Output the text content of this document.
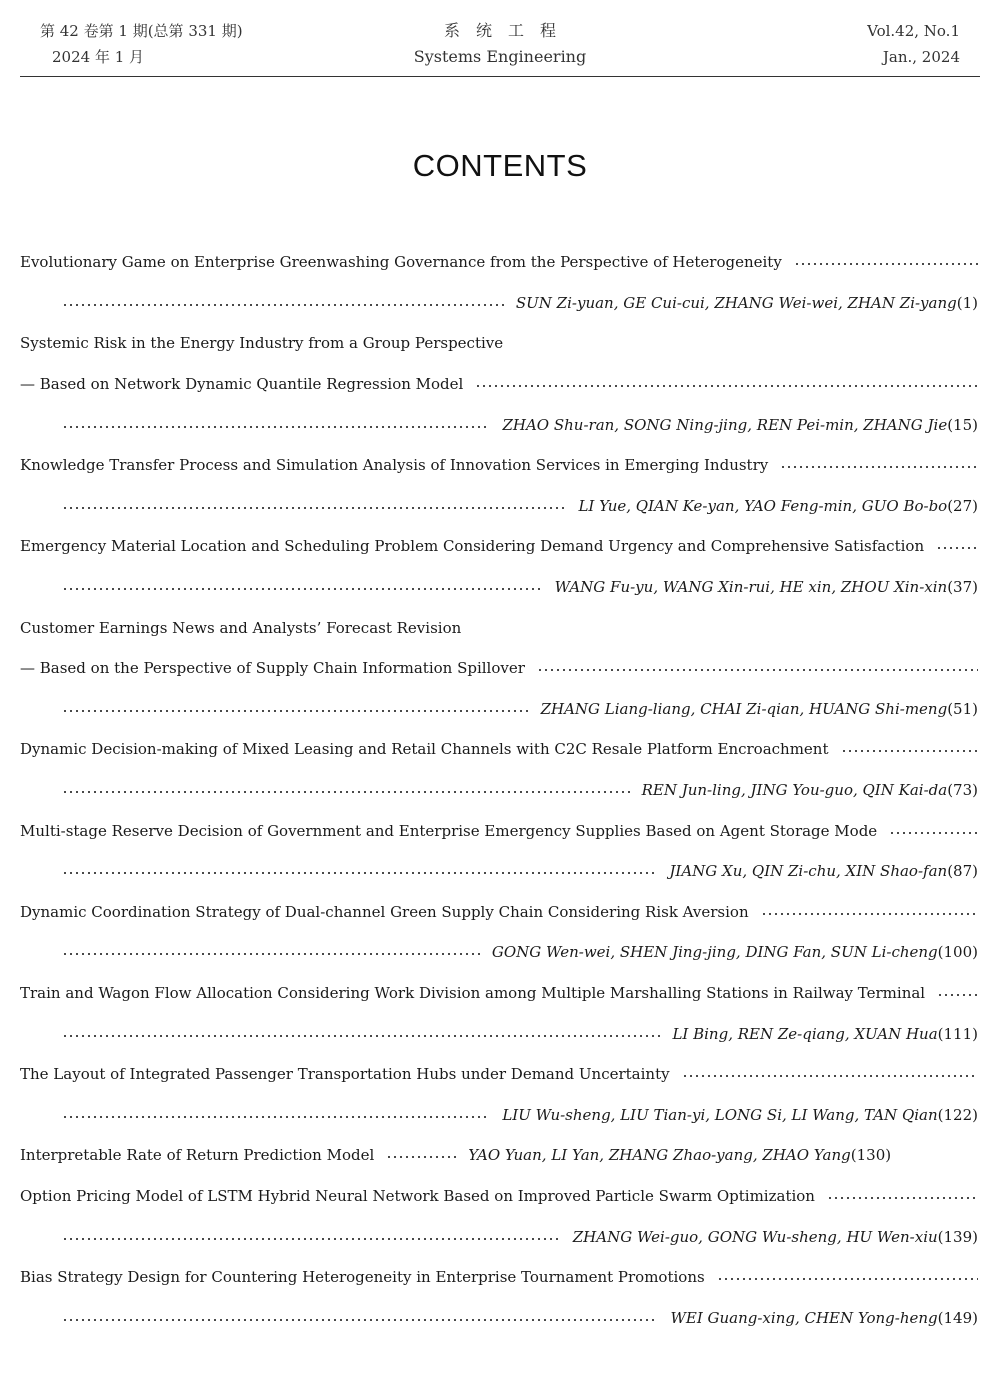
第 42 卷第 1 期(总第 331 期)
2024 年 1 月
系统工程
Systems Engineering
Vol.42, No.1
Jan., 2024
CONTENTS
Evolutionary Game on Enterprise Greenwashing Governance from the Perspective of Heterogeneity
SUN Zi-yuan, GE Cui-cui, ZHANG Wei-wei, ZHAN Zi-yang (1)
Systemic Risk in the Energy Industry from a Group Perspective
— Based on Network Dynamic Quantile Regression Model
ZHAO Shu-ran, SONG Ning-jing, REN Pei-min, ZHANG Jie (15)
Knowledge Transfer Process and Simulation Analysis of Innovation Services in Emerging Industry
LI Yue, QIAN Ke-yan, YAO Feng-min, GUO Bo-bo (27)
Emergency Material Location and Scheduling Problem Considering Demand Urgency and Comprehensive Satisfaction
WANG Fu-yu, WANG Xin-rui, HE xin, ZHOU Xin-xin (37)
Customer Earnings News and Analysts’ Forecast Revision
— Based on the Perspective of Supply Chain Information Spillover
ZHANG Liang-liang, CHAI Zi-qian, HUANG Shi-meng (51)
Dynamic Decision-making of Mixed Leasing and Retail Channels with C2C Resale Platform Encroachment
REN Jun-ling, JING You-guo, QIN Kai-da (73)
Multi-stage Reserve Decision of Government and Enterprise Emergency Supplies Based on Agent Storage Mode
JIANG Xu, QIN Zi-chu, XIN Shao-fan (87)
Dynamic Coordination Strategy of Dual-channel Green Supply Chain Considering Risk Aversion
GONG Wen-wei, SHEN Jing-jing, DING Fan, SUN Li-cheng (100)
Train and Wagon Flow Allocation Considering Work Division among Multiple Marshalling Stations in Railway Terminal
LI Bing, REN Ze-qiang, XUAN Hua (111)
The Layout of Integrated Passenger Transportation Hubs under Demand Uncertainty
LIU Wu-sheng, LIU Tian-yi, LONG Si, LI Wang, TAN Qian (122)
Interpretable Rate of Return Prediction Model	YAO Yuan, LI Yan, ZHANG Zhao-yang, ZHAO Yang (130)
Option Pricing Model of LSTM Hybrid Neural Network Based on Improved Particle Swarm Optimization
ZHANG Wei-guo, GONG Wu-sheng, HU Wen-xiu (139)
Bias Strategy Design for Countering Heterogeneity in Enterprise Tournament Promotions
WEI Guang-xing, CHEN Yong-heng (149)
